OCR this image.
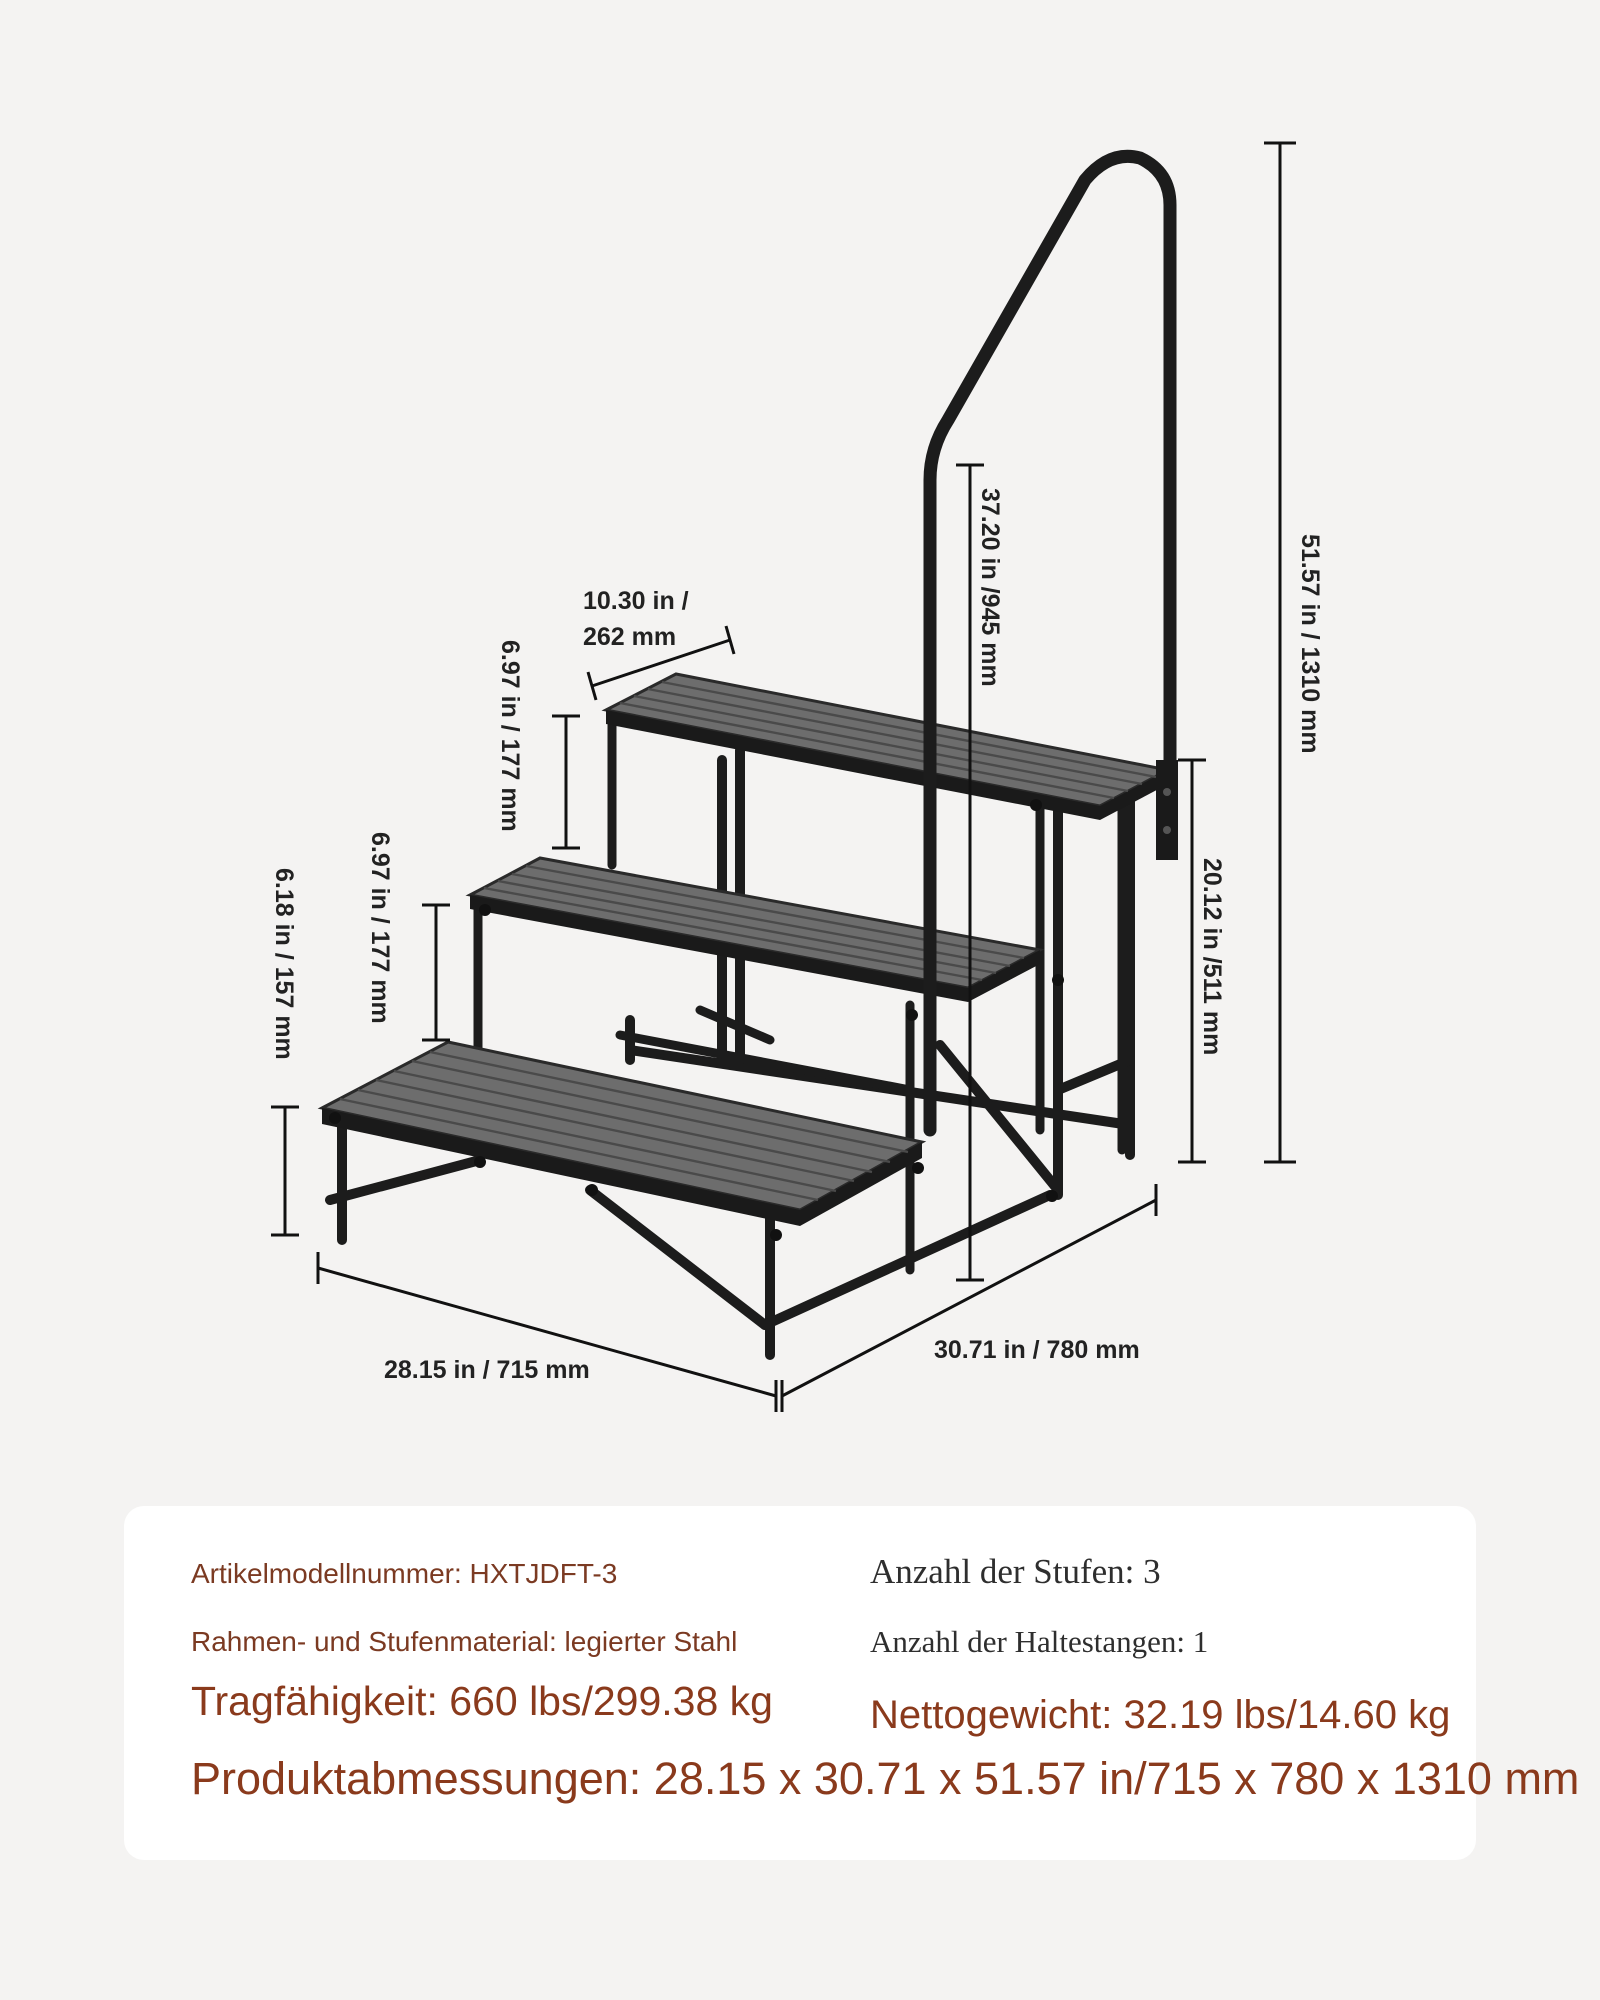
10.30 in /
262 mm
6.97 in / 177 mm
6.97 in / 177 mm
6.18 in / 157 mm
37.20 in /945 mm
20.12 in /511 mm
51.57 in / 1310 mm
28.15 in / 715 mm
30.71 in / 780 mm
Artikelmodellnummer: HXTJDFT-3
Rahmen- und Stufenmaterial: legierter Stahl
Tragfähigkeit: 660 lbs/299.38 kg
Produktabmessungen: 28.15 x 30.71 x 51.57 in/715 x 780 x 1310 mm
Anzahl der Stufen: 3
Anzahl der Haltestangen: 1
Nettogewicht: 32.19 lbs/14.60 kg
